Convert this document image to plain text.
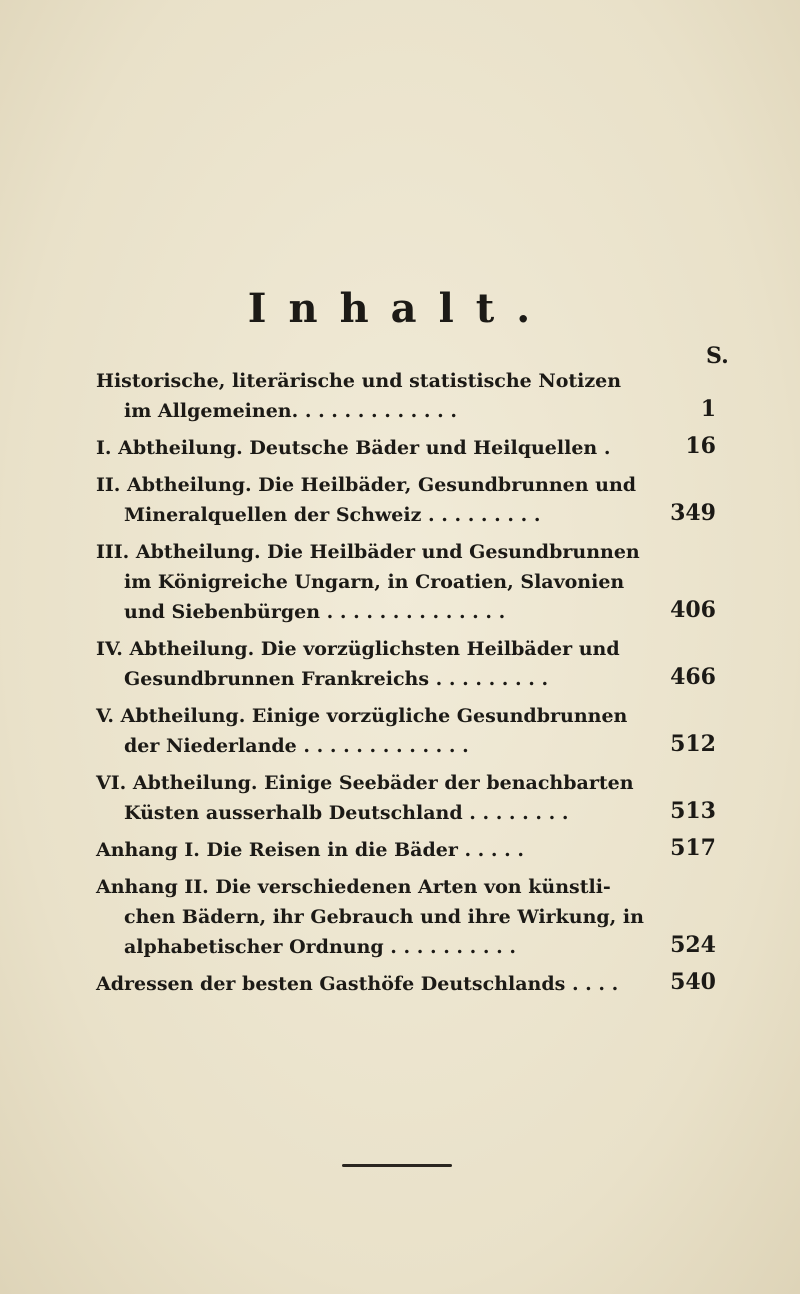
Inhalt.
S.
Historische, literärische und statistische Notizen
im Allgemeinen. . . . . . . . . . . . .	1
I. Abtheilung. Deutsche Bäder und Heilquellen .	16
II. Abtheilung. Die Heilbäder, Gesundbrunnen und
Mineralquellen der Schweiz . . . . . . . . .	349
III. Abtheilung. Die Heilbäder und Gesundbrunnen
im Königreiche Ungarn, in Croatien, Slavonien
und Siebenbürgen . . . . . . . . . . . . . .	406
IV. Abtheilung. Die vorzüglichsten Heilbäder und
Gesundbrunnen Frankreichs . . . . . . . . .	466
V. Abtheilung. Einige vorzügliche Gesundbrunnen
der Niederlande . . . . . . . . . . . . .	512
VI. Abtheilung. Einige Seebäder der benachbarten
Küsten ausserhalb Deutschland . . . . . . . .	513
Anhang I. Die Reisen in die Bäder . . . . .	517
Anhang II. Die verschiedenen Arten von künstli-
chen Bädern, ihr Gebrauch und ihre Wirkung, in
alphabetischer Ordnung . . . . . . . . . .	524
Adressen der besten Gasthöfe Deutschlands . . . .	540
